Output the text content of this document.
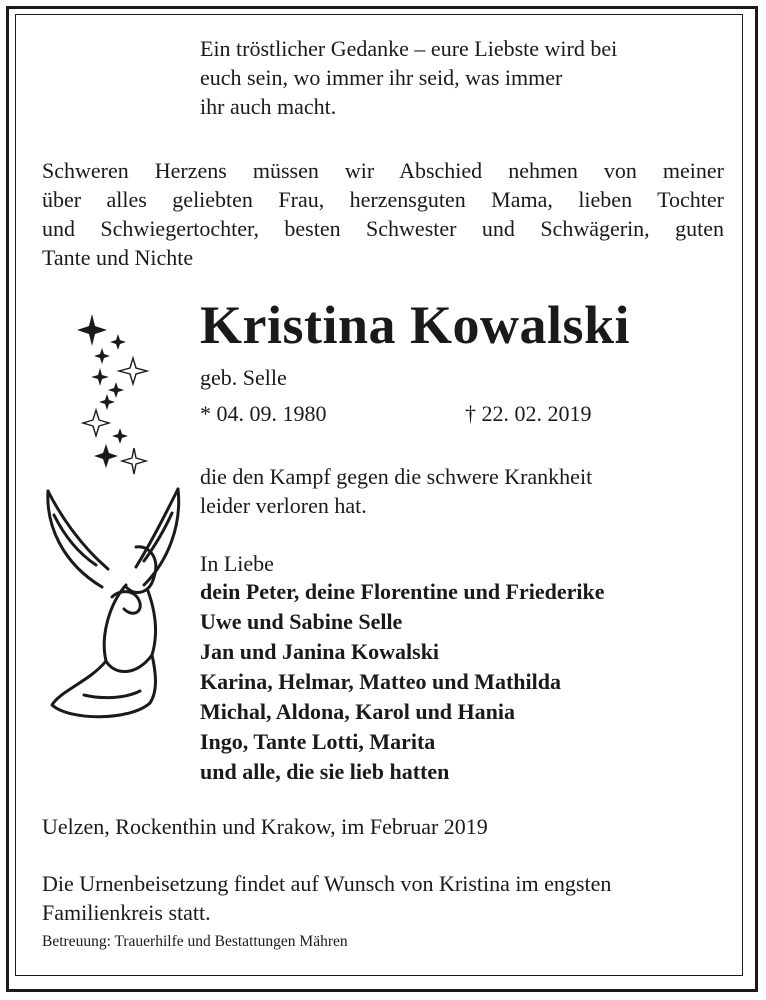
Ein tröstlicher Gedanke – eure Liebste wird bei
euch sein, wo immer ihr seid, was immer
ihr auch macht.
Schweren Herzens müssen wir Abschied nehmen von meiner
über alles geliebten Frau, herzensguten Mama, lieben Tochter
und Schwiegertochter, besten Schwester und Schwägerin, guten
Tante und Nichte
Kristina Kowalski
geb. Selle
* 04. 09. 1980	† 22. 02. 2019
die den Kampf gegen die schwere Krankheit
leider verloren hat.
In Liebe
dein Peter, deine Florentine und Friederike
Uwe und Sabine Selle
Jan und Janina Kowalski
Karina, Helmar, Matteo und Mathilda
Michal, Aldona, Karol und Hania
Ingo, Tante Lotti, Marita
und alle, die sie lieb hatten
Uelzen, Rockenthin und Krakow, im Februar 2019
Die Urnenbeisetzung findet auf Wunsch von Kristina im engsten
Familienkreis statt.
Betreuung: Trauerhilfe und Bestattungen Mähren
